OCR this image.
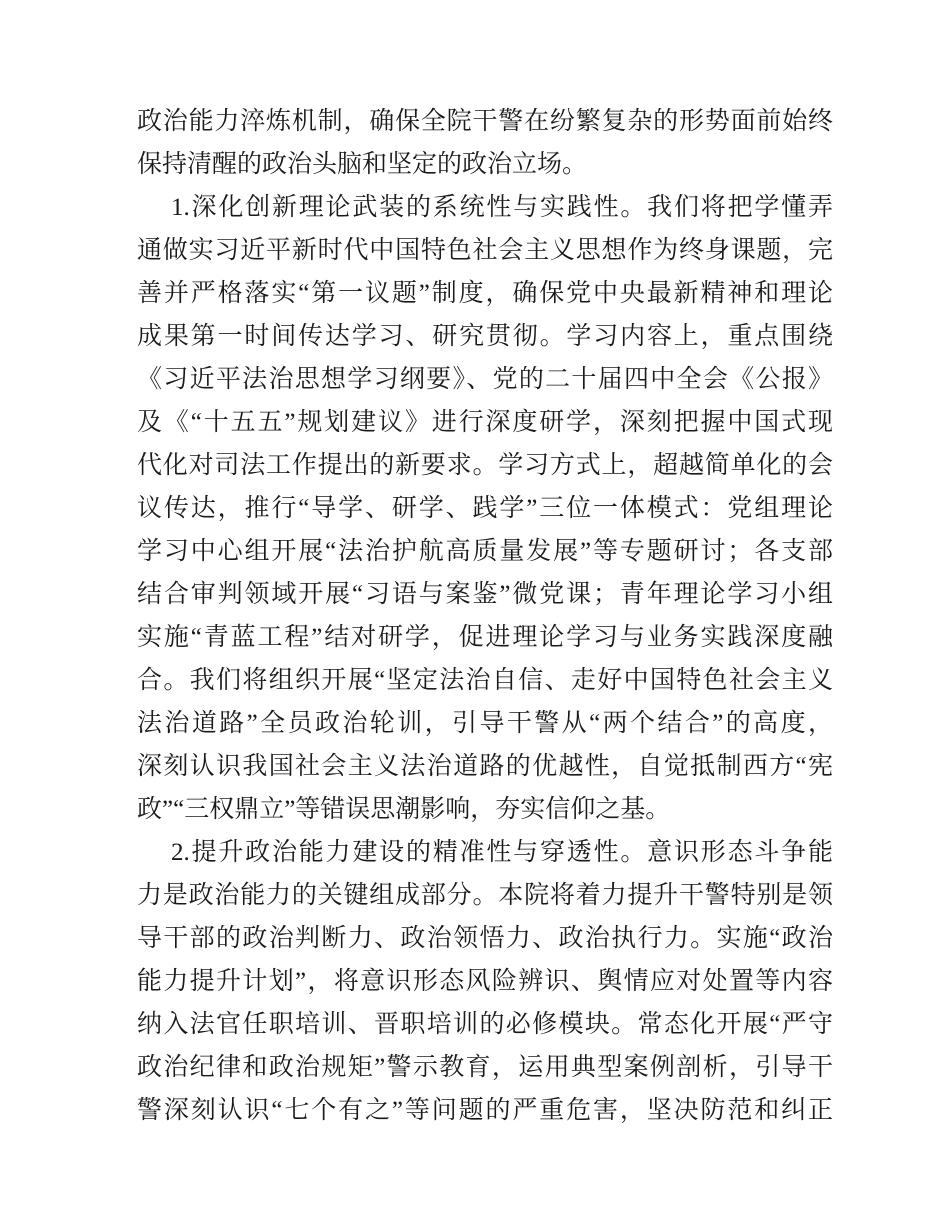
政治能力淬炼机制，确保全院干警在纷繁复杂的形势面前始终
保持清醒的政治头脑和坚定的政治立场。
1.深化创新理论武装的系统性与实践性。我们将把学懂弄
通做实习近平新时代中国特色社会主义思想作为终身课题，完
善并严格落实“第一议题”制度，确保党中央最新精神和理论
成果第一时间传达学习、研究贯彻。学习内容上，重点围绕
《习近平法治思想学习纲要》、党的二十届四中全会《公报》
及《“十五五”规划建议》进行深度研学，深刻把握中国式现
代化对司法工作提出的新要求。学习方式上，超越简单化的会
议传达，推行“导学、研学、践学”三位一体模式：党组理论
学习中心组开展“法治护航高质量发展”等专题研讨；各支部
结合审判领域开展“习语与案鉴”微党课；青年理论学习小组
实施“青蓝工程”结对研学，促进理论学习与业务实践深度融
合。我们将组织开展“坚定法治自信、走好中国特色社会主义
法治道路”全员政治轮训，引导干警从“两个结合”的高度，
深刻认识我国社会主义法治道路的优越性，自觉抵制西方“宪
政”“三权鼎立”等错误思潮影响，夯实信仰之基。
2.提升政治能力建设的精准性与穿透性。意识形态斗争能
力是政治能力的关键组成部分。本院将着力提升干警特别是领
导干部的政治判断力、政治领悟力、政治执行力。实施“政治
能力提升计划”，将意识形态风险辨识、舆情应对处置等内容
纳入法官任职培训、晋职培训的必修模块。常态化开展“严守
政治纪律和政治规矩”警示教育，运用典型案例剖析，引导干
警深刻认识“七个有之”等问题的严重危害，坚决防范和纠正
